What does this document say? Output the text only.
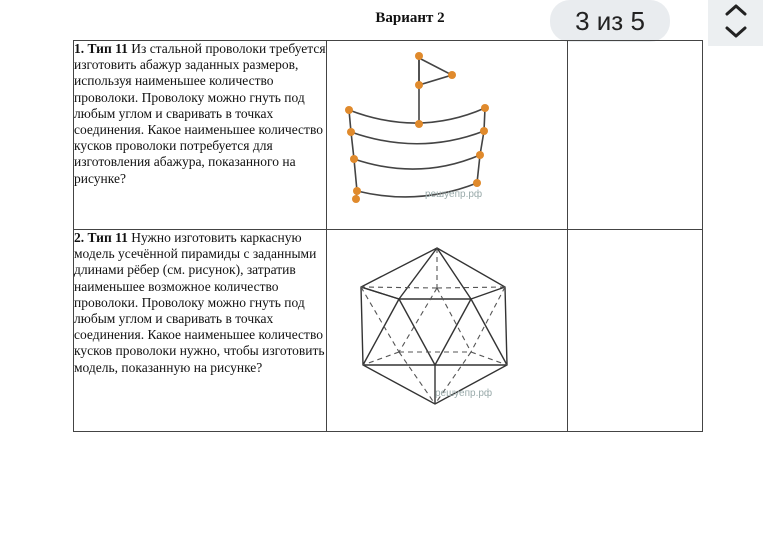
Вариант 2	3 из 5
1. Тип 11 Из стальной проволоки требуется изготовить абажур заданных размеров, используя наименьшее количество проволоки. Проволоку можно гнуть под любым углом и сваривать в точках соединения. Какое наименьшее количество кусков проволоки потребуется для изготовления абажура, показанного на рисунке?	решуепр.рф	

2. Тип 11 Нужно изготовить каркасную модель усечённой пирамиды с заданными длинами рёбер (см. рисунок), затратив наименьшее возможное количество проволоки. Проволоку можно гнуть под любым углом и сваривать в точках соединения. Какое наименьшее количество кусков проволоки нужно, чтобы изготовить модель, показанную на рисунке?	решуепр.рф	
